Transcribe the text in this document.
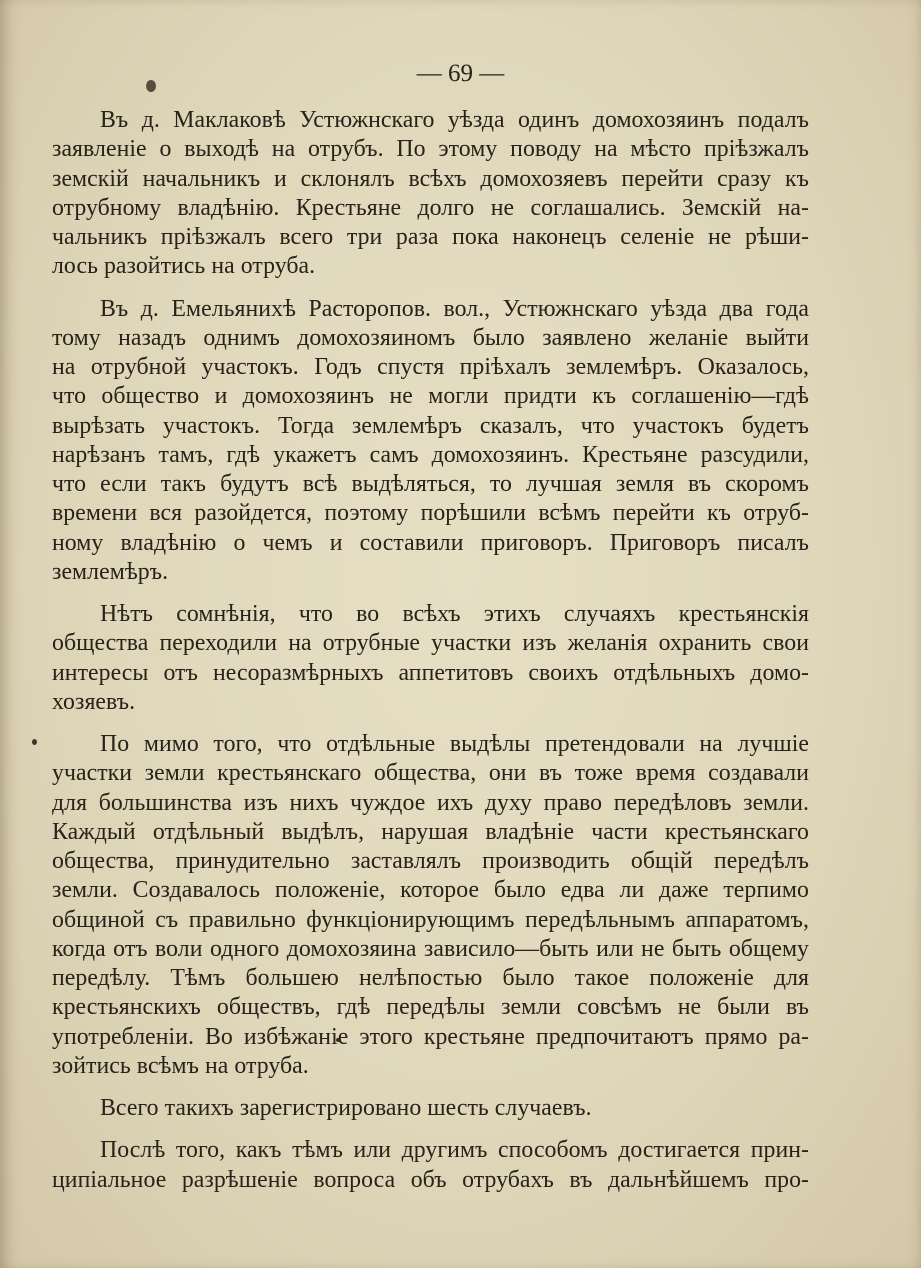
— 69 —

Въ д. Маклаковѣ Устюжнскаго уѣзда одинъ домохозяинъ подалъ
заявленіе о выходѣ на отрубъ. По этому поводу на мѣсто пріѣзжалъ
земскій начальникъ и склонялъ всѣхъ домохозяевъ перейти сразу къ
отрубному владѣнію. Крестьяне долго не соглашались. Земскій на-
чальникъ пріѣзжалъ всего три раза пока наконецъ селеніе не рѣши-
лось разойтись на отруба.
Въ д. Емельянихѣ Расторопов. вол., Устюжнскаго уѣзда два года
тому назадъ однимъ домохозяиномъ было заявлено желаніе выйти
на отрубной участокъ. Годъ спустя пріѣхалъ землемѣръ. Оказалось,
что общество и домохозяинъ не могли придти къ соглашенію—гдѣ
вырѣзать участокъ. Тогда землемѣръ сказалъ, что участокъ будетъ
нарѣзанъ тамъ, гдѣ укажетъ самъ домохозяинъ. Крестьяне разсудили,
что если такъ будутъ всѣ выдѣляться, то лучшая земля въ скоромъ
времени вся разойдется, поэтому порѣшили всѣмъ перейти къ отруб-
ному владѣнію о чемъ и составили приговоръ. Приговоръ писалъ
землемѣръ.
Нѣтъ сомнѣнія, что во всѣхъ этихъ случаяхъ крестьянскія
общества переходили на отрубные участки изъ желанія охранить свои
интересы отъ несоразмѣрныхъ аппетитовъ своихъ отдѣльныхъ домо-
хозяевъ.
По мимо того, что отдѣльные выдѣлы претендовали на лучшіе
участки земли крестьянскаго общества, они въ тоже время создавали
для большинства изъ нихъ чуждое ихъ духу право передѣловъ земли.
Каждый отдѣльный выдѣлъ, нарушая владѣніе части крестьянскаго
общества, принудительно заставлялъ производить общій передѣлъ
земли. Создавалось положеніе, которое было едва ли даже терпимо
общиной съ правильно функціонирующимъ передѣльнымъ аппаратомъ,
когда отъ воли одного домохозяина зависило—быть или не быть общему
передѣлу. Тѣмъ большею нелѣпостью было такое положеніе для
крестьянскихъ обществъ, гдѣ передѣлы земли совсѣмъ не были въ
употребленіи. Во избѣжаніе этого крестьяне предпочитаютъ прямо ра-
зойтись всѣмъ на отруба.
Всего такихъ зарегистрировано шесть случаевъ.
Послѣ того, какъ тѣмъ или другимъ способомъ достигается прин-
ципіальное разрѣшеніе вопроса объ отрубахъ въ дальнѣйшемъ про-
